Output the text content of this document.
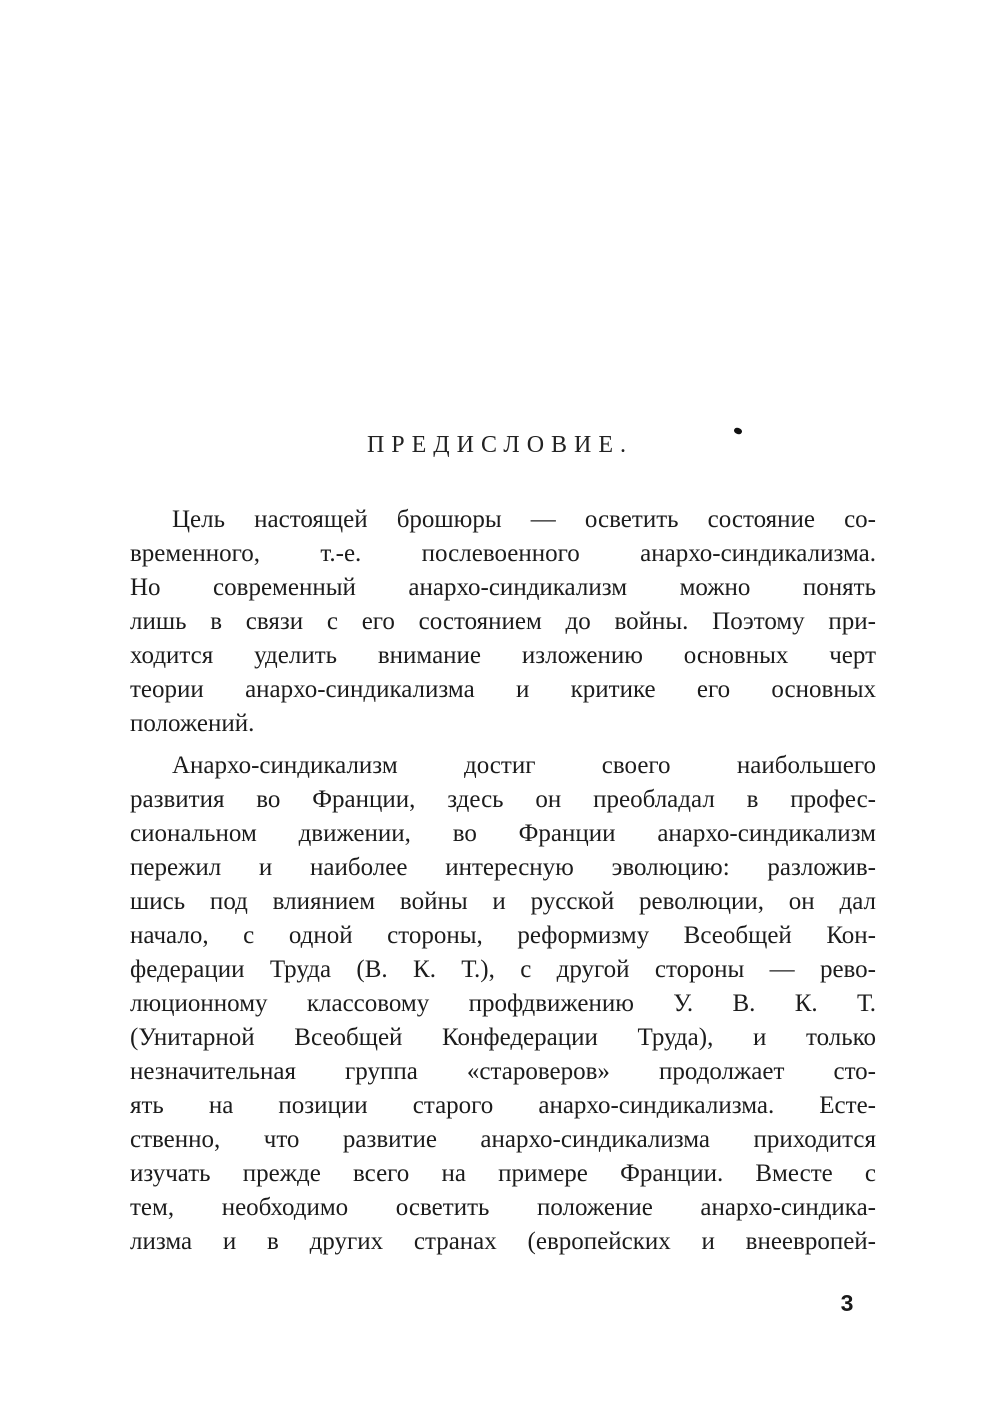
ПРЕДИСЛОВИЕ.
Цель настоящей брошюры — осветить состояние со-
временного, т.-е. послевоенного анархо-синдикализма.
Но современный анархо-синдикализм можно понять
лишь в связи с его состоянием до войны. Поэтому при-
ходится уделить внимание изложению основных черт
теории анархо-синдикализма и критике его основных
положений.
Анархо-синдикализм достиг своего наибольшего
развития во Франции, здесь он преобладал в профес-
сиональном движении, во Франции анархо-синдикализм
пережил и наиболее интересную эволюцию: разложив-
шись под влиянием войны и русской революции, он дал
начало, с одной стороны, реформизму Всеобщей Кон-
федерации Труда (В. К. Т.), с другой стороны — рево-
люционному классовому профдвижению У. В. К. Т.
(Унитарной Всеобщей Конфедерации Труда), и только
незначительная группа «староверов» продолжает сто-
ять на позиции старого анархо-синдикализма. Есте-
ственно, что развитие анархо-синдикализма приходится
изучать прежде всего на примере Франции. Вместе с
тем, необходимо осветить положение анархо-синдика-
лизма и в других странах (европейских и внеевропей-
3
